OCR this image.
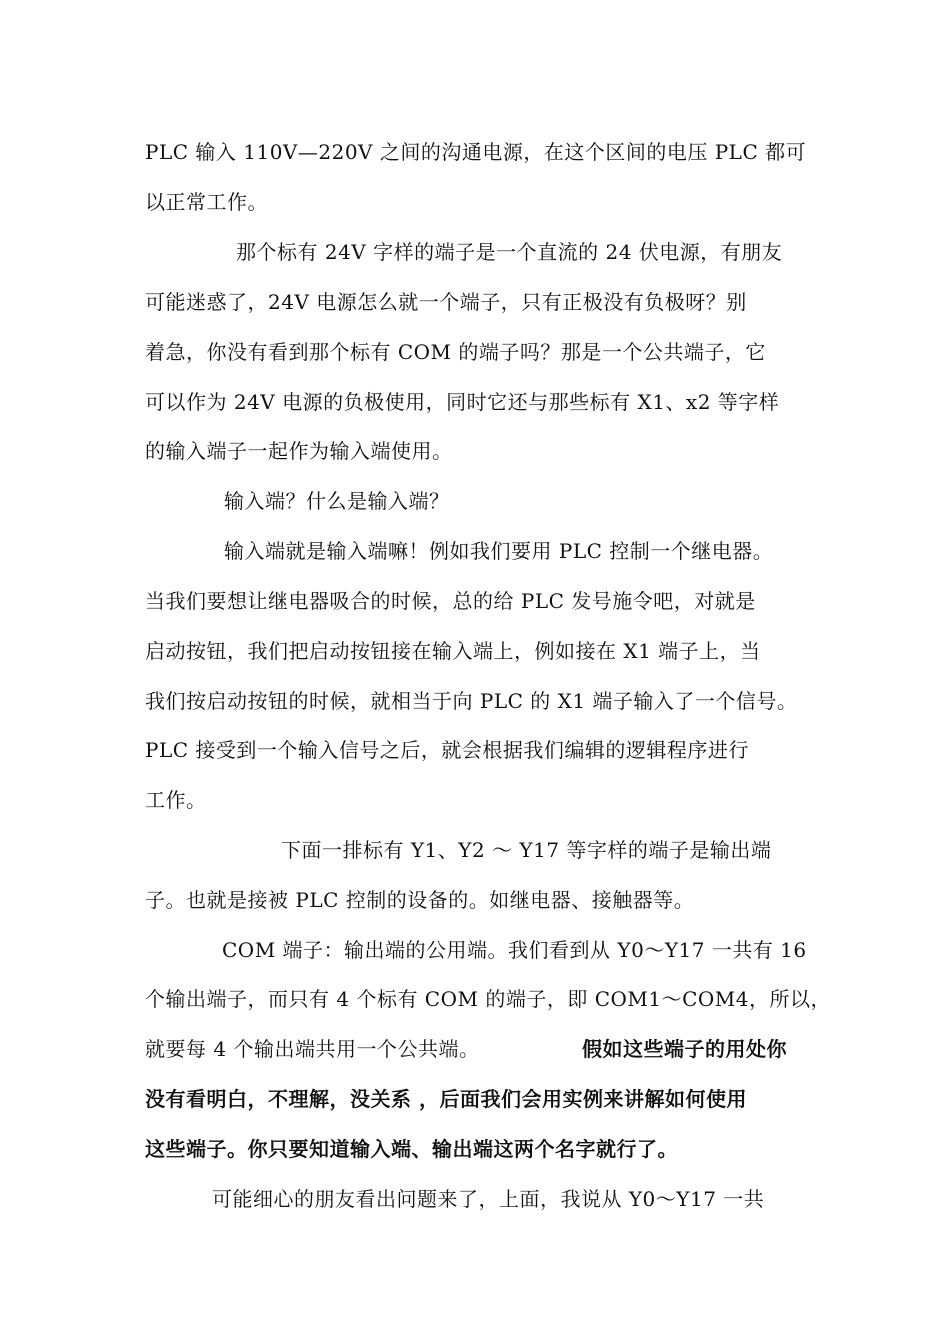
PLC 输入 110V—220V 之间的沟通电源，在这个区间的电压 PLC 都可
以正常工作。
那个标有 24V 字样的端子是一个直流的 24 伏电源，有朋友
可能迷惑了，24V 电源怎么就一个端子，只有正极没有负极呀？别
着急，你没有看到那个标有 COM 的端子吗？那是一个公共端子，它
可以作为 24V 电源的负极使用，同时它还与那些标有 X1、x2 等字样
的输入端子一起作为输入端使用。
输入端？什么是输入端？
输入端就是输入端嘛！例如我们要用 PLC 控制一个继电器。
当我们要想让继电器吸合的时候，总的给 PLC 发号施令吧，对就是
启动按钮，我们把启动按钮接在输入端上，例如接在 X1 端子上，当
我们按启动按钮的时候，就相当于向 PLC 的 X1 端子输入了一个信号。
PLC 接受到一个输入信号之后，就会根据我们编辑的逻辑程序进行
工作。
下面一排标有 Y1、Y2 ～ Y17 等字样的端子是输出端
子。也就是接被 PLC 控制的设备的。如继电器、接触器等。
COM 端子：输出端的公用端。我们看到从 Y0～Y17 一共有 16
个输出端子，而只有 4 个标有 COM 的端子，即 COM1～COM4，所以，
就要每 4 个输出端共用一个公共端。	假如这些端子的用处你
没有看明白，不理解，没关系 ，后面我们会用实例来讲解如何使用
这些端子。你只要知道输入端、输出端这两个名字就行了。
可能细心的朋友看出问题来了，上面，我说从 Y0～Y17 一共
